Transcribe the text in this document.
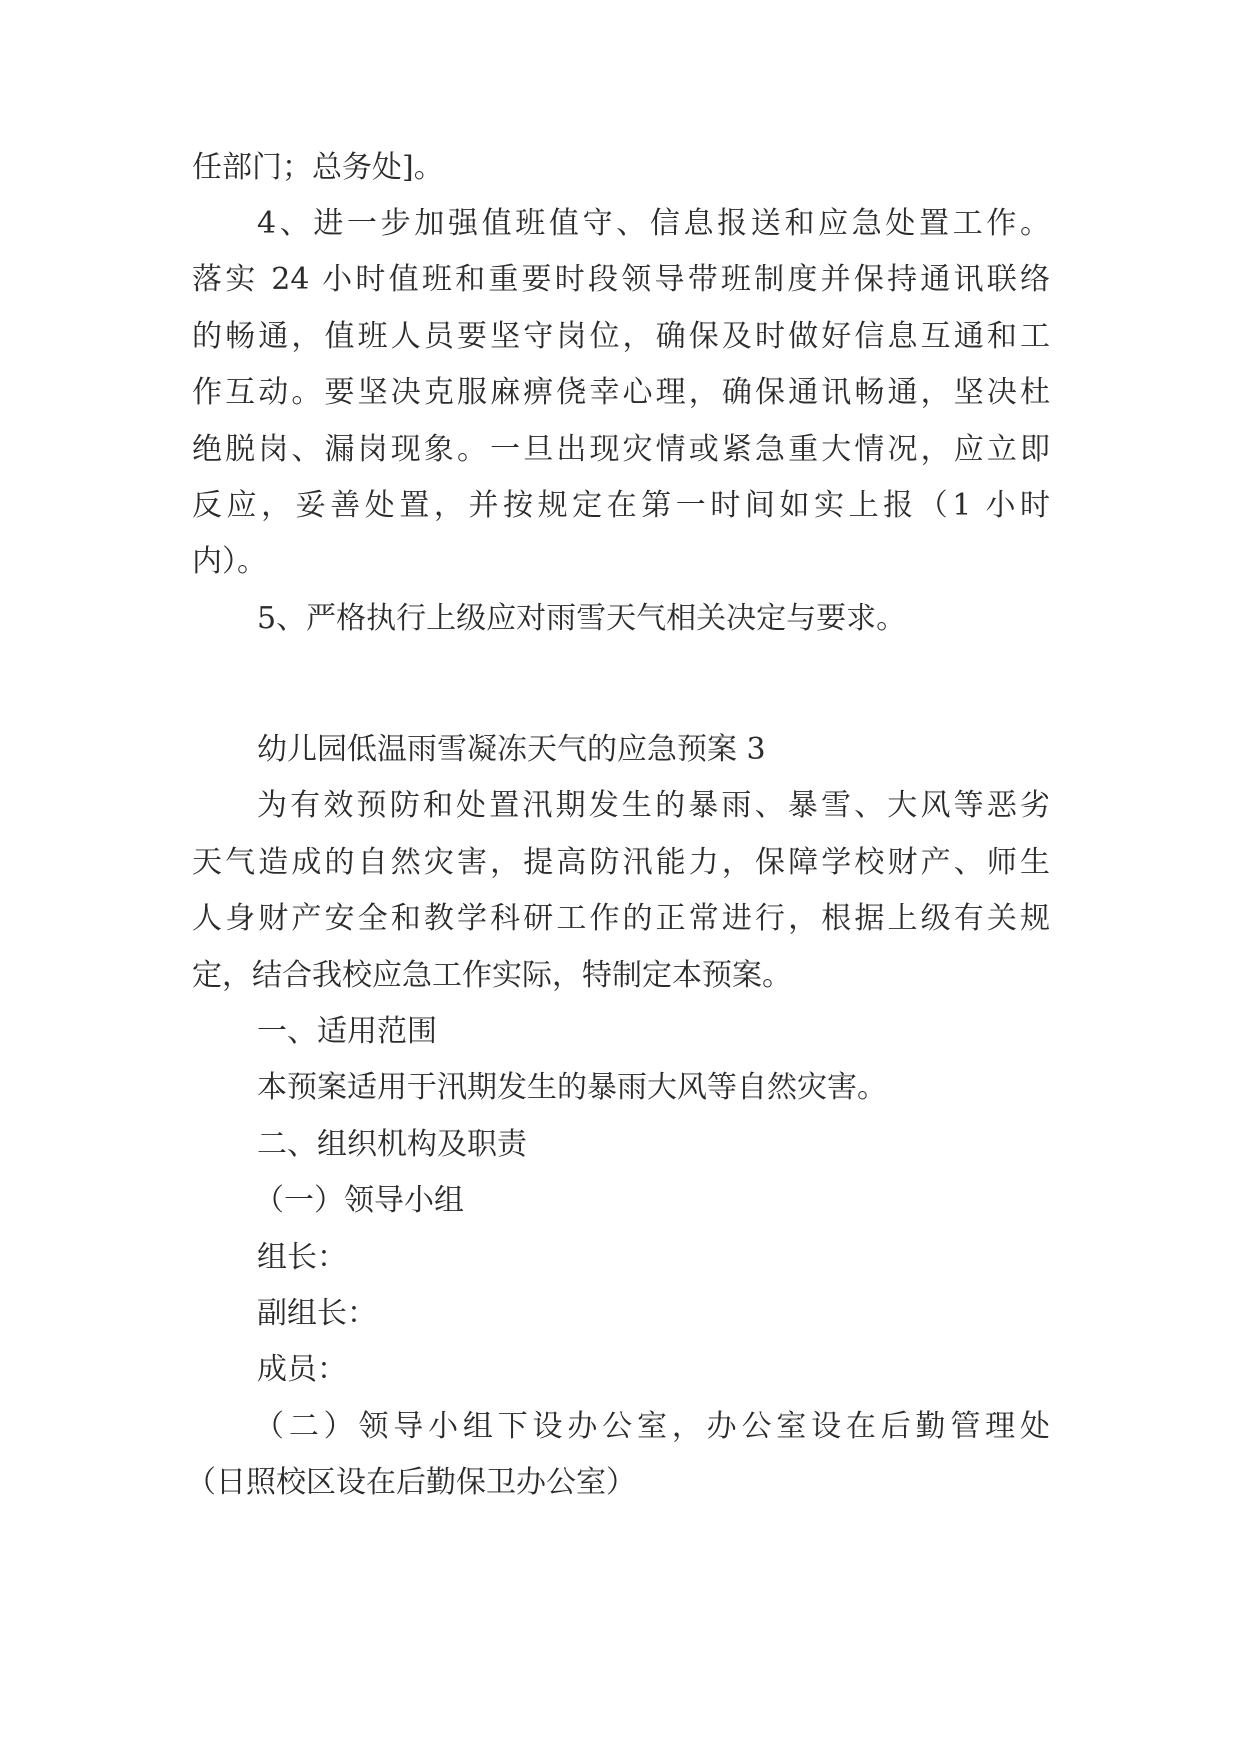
任部门；总务处]。
4、进一步加强值班值守、信息报送和应急处置工作。
落实 24 小时值班和重要时段领导带班制度并保持通讯联络
的畅通，值班人员要坚守岗位，确保及时做好信息互通和工
作互动。要坚决克服麻痹侥幸心理，确保通讯畅通，坚决杜
绝脱岗、漏岗现象。一旦出现灾情或紧急重大情况，应立即
反应，妥善处置，并按规定在第一时间如实上报（1 小时
内）。
5、严格执行上级应对雨雪天气相关决定与要求。
幼儿园低温雨雪凝冻天气的应急预案 3
为有效预防和处置汛期发生的暴雨、暴雪、大风等恶劣
天气造成的自然灾害，提高防汛能力，保障学校财产、师生
人身财产安全和教学科研工作的正常进行，根据上级有关规
定，结合我校应急工作实际，特制定本预案。
一、适用范围
本预案适用于汛期发生的暴雨大风等自然灾害。
二、组织机构及职责
（一）领导小组
组长：
副组长：
成员：
（二）领导小组下设办公室，办公室设在后勤管理处
（日照校区设在后勤保卫办公室）
